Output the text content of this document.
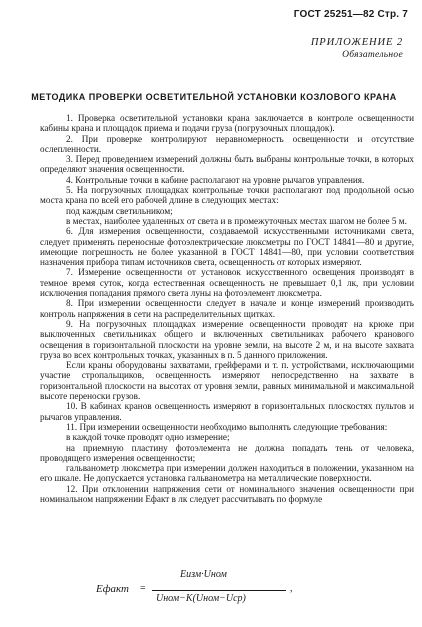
ГОСТ 25251—82 Стр. 7
ПРИЛОЖЕНИЕ 2
Обязательное
МЕТОДИКА ПРОВЕРКИ ОСВЕТИТЕЛЬНОЙ УСТАНОВКИ КОЗЛОВОГО КРАНА

1. Проверка осветительной установки крана заключается в контроле освещенности кабины крана и площадок приема и подачи груза (погрузочных площадок).

2. При проверке контролируют неравномерность освещенности и отсутствие ослепленности.

3. Перед проведением измерений должны быть выбраны контрольные точки, в которых определяют значения освещенности.

4. Контрольные точки в кабине располагают на уровне рычагов управления.

5. На погрузочных площадках контрольные точки располагают под продольной осью моста крана по всей его рабочей длине в следующих местах:

под каждым светильником;

в местах, наиболее удаленных от света и в промежуточных местах шагом не более 5 м.

6. Для измерения освещенности, создаваемой искусственными источниками света, следует применять переносные фотоэлектрические люксметры по ГОСТ 14841—80 и другие, имеющие погрешность не более указанной в ГОСТ 14841—80, при условии соответствия назначения прибора типам источников света, освещенность от которых измеряют.

7. Измерение освещенности от установок искусственного освещения производят в темное время суток, когда естественная освещенность не превышает 0,1 лк, при условии исключения попадания прямого света луны на фотоэлемент люксметра.

8. При измерении освещенности следует в начале и конце измерений производить контроль напряжения в сети на распределительных щитках.

9. На погрузочных площадках измерение освещенности проводят на крюке при выключенных светильниках общего и включенных светильниках рабочего кранового освещения в горизонтальной плоскости на уровне земли, на высоте 2 м, и на высоте захвата груза во всех контрольных точках, указанных в п. 5 данного приложения.

Если краны оборудованы захватами, грейферами и т. п. устройствами, исключающими участие стропальщиков, освещенность измеряют непосредственно на захвате в горизонтальной плоскости на высотах от уровня земли, равных минимальной и максимальной высоте переноски грузов.

10. В кабинах кранов освещенность измеряют в горизонтальных плоскостях пультов и рычагов управления.

11. При измерении освещенности необходимо выполнять следующие требования:

в каждой точке проводят одно измерение;

на приемную пластину фотоэлемента не должна попадать тень от человека, проводящего измерения освещенности;

гальванометр люксметра при измерении должен находиться в положении, указанном на его шкале. Не допускается установка гальванометра на металлические поверхности.

12. При отклонении напряжения сети от номинального значения освещенности при номинальном напряжении Eфакт в лк следует рассчитывать по формуле

Eфакт =
Eизм·Uном
Uном−K(Uном−Uср)
,
